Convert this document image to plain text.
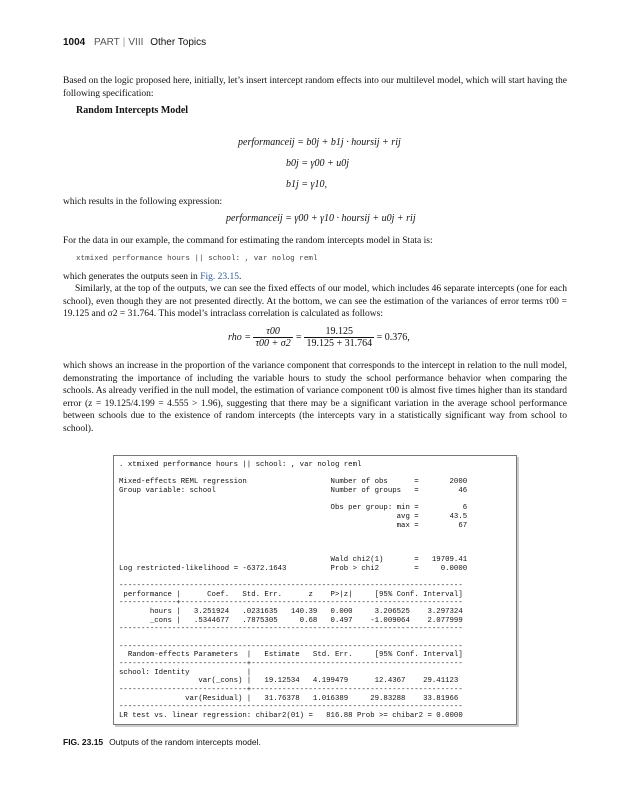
1004 PART | VIII Other Topics

Based on the logic proposed here, initially, let’s insert intercept random effects into our multilevel model, which will start having the following specification:

Random Intercepts Model
performanceij = b0j + b1j · hoursij + rij
b0j = γ00 + u0j
b1j = γ10,

which results in the following expression:

performanceij = γ00 + γ10 · hoursij + u0j + rij

For the data in our example, the command for estimating the random intercepts model in Stata is:

xtmixed performance hours || school: , var nolog reml

which generates the outputs seen in Fig. 23.15.

Similarly, at the top of the outputs, we can see the fixed effects of our model, which includes 46 separate intercepts (one for each school), even though they are not presented directly. At the bottom, we can see the estimation of the variances of error terms τ00 = 19.125 and σ2 = 31.764. This model’s intraclass correlation is calculated as follows:

rho = $\frac{\tau 00}{\tau 00 + \sigma 2} = \frac{19.125}{19.125 + 31.764} = 0.376$,

which shows an increase in the proportion of the variance component that corresponds to the intercept in relation to the null model, demonstrating the importance of including the variable hours to study the school performance behavior when comparing the schools. As already verified in the null model, the estimation of variance component τ00 is almost five times higher than its standard error (z = 19.125/4.199 = 4.555 > 1.96), suggesting that there may be a significant variation in the average school performance between schools due to the existence of random intercepts (the intercepts vary in a statistically significant way from school to school).

. xtmixed performance hours || school: , var nolog reml
Mixed-effects REML regression                   Number of obs      =       2000
Group variable: school                          Number of groups   =         46
Obs per group: min =          6
avg =       43.5
max =         67
Wald chi2(1)       =   19709.41
Log restricted-likelihood = -6372.1643          Prob > chi2        =     0.0000
------------------------------------------------------------------------------
performance |      Coef.   Std. Err.      z    P>|z|     [95% Conf. Interval]
-------------+----------------------------------------------------------------
hours |   3.251924   .0231635   140.39   0.000     3.206525    3.297324
_cons |   .5344677   .7875305     0.68   0.497    -1.009064    2.077999
------------------------------------------------------------------------------
------------------------------------------------------------------------------
Random-effects Parameters  |   Estimate   Std. Err.     [95% Conf. Interval]
-----------------------------+------------------------------------------------
school: Identity             |
var(_cons) |   19.12534   4.199479      12.4367    29.41123
-----------------------------+------------------------------------------------
var(Residual) |   31.76378   1.016389     29.83288    33.81966
------------------------------------------------------------------------------
LR test vs. linear regression: chibar2(01) =   816.88 Prob >= chibar2 = 0.0000
FIG. 23.15 Outputs of the random intercepts model.
